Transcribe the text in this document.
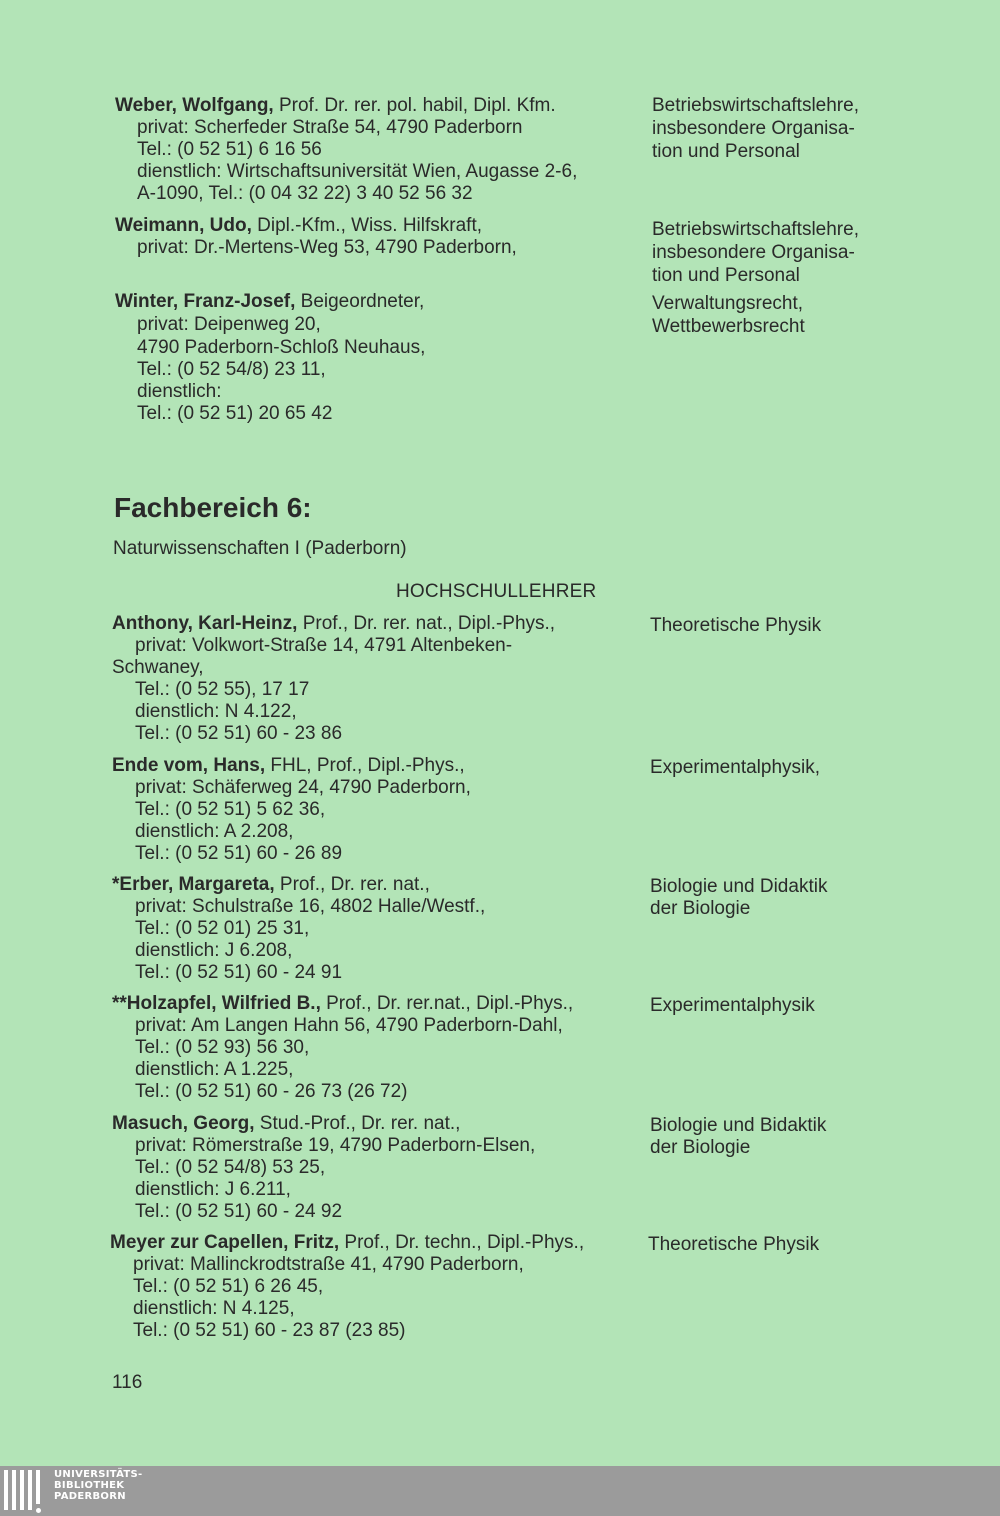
Weber, Wolfgang, Prof. Dr. rer. pol. habil, Dipl. Kfm.
privat: Scherfeder Straße 54, 4790 Paderborn
Tel.: (0 52 51) 6 16 56
dienstlich: Wirtschaftsuniversität Wien, Augasse 2-6,
A-1090, Tel.: (0 04 32 22) 3 40 52 56 32
Betriebswirtschaftslehre,
insbesondere Organisa-
tion und Personal
Weimann, Udo, Dipl.-Kfm., Wiss. Hilfskraft,
privat: Dr.-Mertens-Weg 53, 4790 Paderborn,
Betriebswirtschaftslehre,
insbesondere Organisa-
tion und Personal
Winter, Franz-Josef, Beigeordneter,
privat: Deipenweg 20,
4790 Paderborn-Schloß Neuhaus,
Tel.: (0 52 54/8) 23 11,
dienstlich:
Tel.: (0 52 51) 20 65 42
Verwaltungsrecht,
Wettbewerbsrecht
Fachbereich 6:
Naturwissenschaften I (Paderborn)
HOCHSCHULLEHRER
Anthony, Karl-Heinz, Prof., Dr. rer. nat., Dipl.-Phys.,
privat: Volkwort-Straße 14, 4791 Altenbeken-
Schwaney,
Tel.: (0 52 55), 17 17
dienstlich: N 4.122,
Tel.: (0 52 51) 60 - 23 86
Theoretische Physik
Ende vom, Hans, FHL, Prof., Dipl.-Phys.,
privat: Schäferweg 24, 4790 Paderborn,
Tel.: (0 52 51) 5 62 36,
dienstlich: A 2.208,
Tel.: (0 52 51) 60 - 26 89
Experimentalphysik,
*Erber, Margareta, Prof., Dr. rer. nat.,
privat: Schulstraße 16, 4802 Halle/Westf.,
Tel.: (0 52 01) 25 31,
dienstlich: J 6.208,
Tel.: (0 52 51) 60 - 24 91
Biologie und Didaktik
der Biologie
**Holzapfel, Wilfried B., Prof., Dr. rer.nat., Dipl.-Phys.,
privat: Am Langen Hahn 56, 4790 Paderborn-Dahl,
Tel.: (0 52 93) 56 30,
dienstlich: A 1.225,
Tel.: (0 52 51) 60 - 26 73 (26 72)
Experimentalphysik
Masuch, Georg, Stud.-Prof., Dr. rer. nat.,
privat: Römerstraße 19, 4790 Paderborn-Elsen,
Tel.: (0 52 54/8) 53 25,
dienstlich: J 6.211,
Tel.: (0 52 51) 60 - 24 92
Biologie und Bidaktik
der Biologie
Meyer zur Capellen, Fritz, Prof., Dr. techn., Dipl.-Phys.,
privat: Mallinckrodtstraße 41, 4790 Paderborn,
Tel.: (0 52 51) 6 26 45,
dienstlich: N 4.125,
Tel.: (0 52 51) 60 - 23 87 (23 85)
Theoretische Physik
116
UNIVERSITÄTS-
BIBLIOTHEK
PADERBORN
